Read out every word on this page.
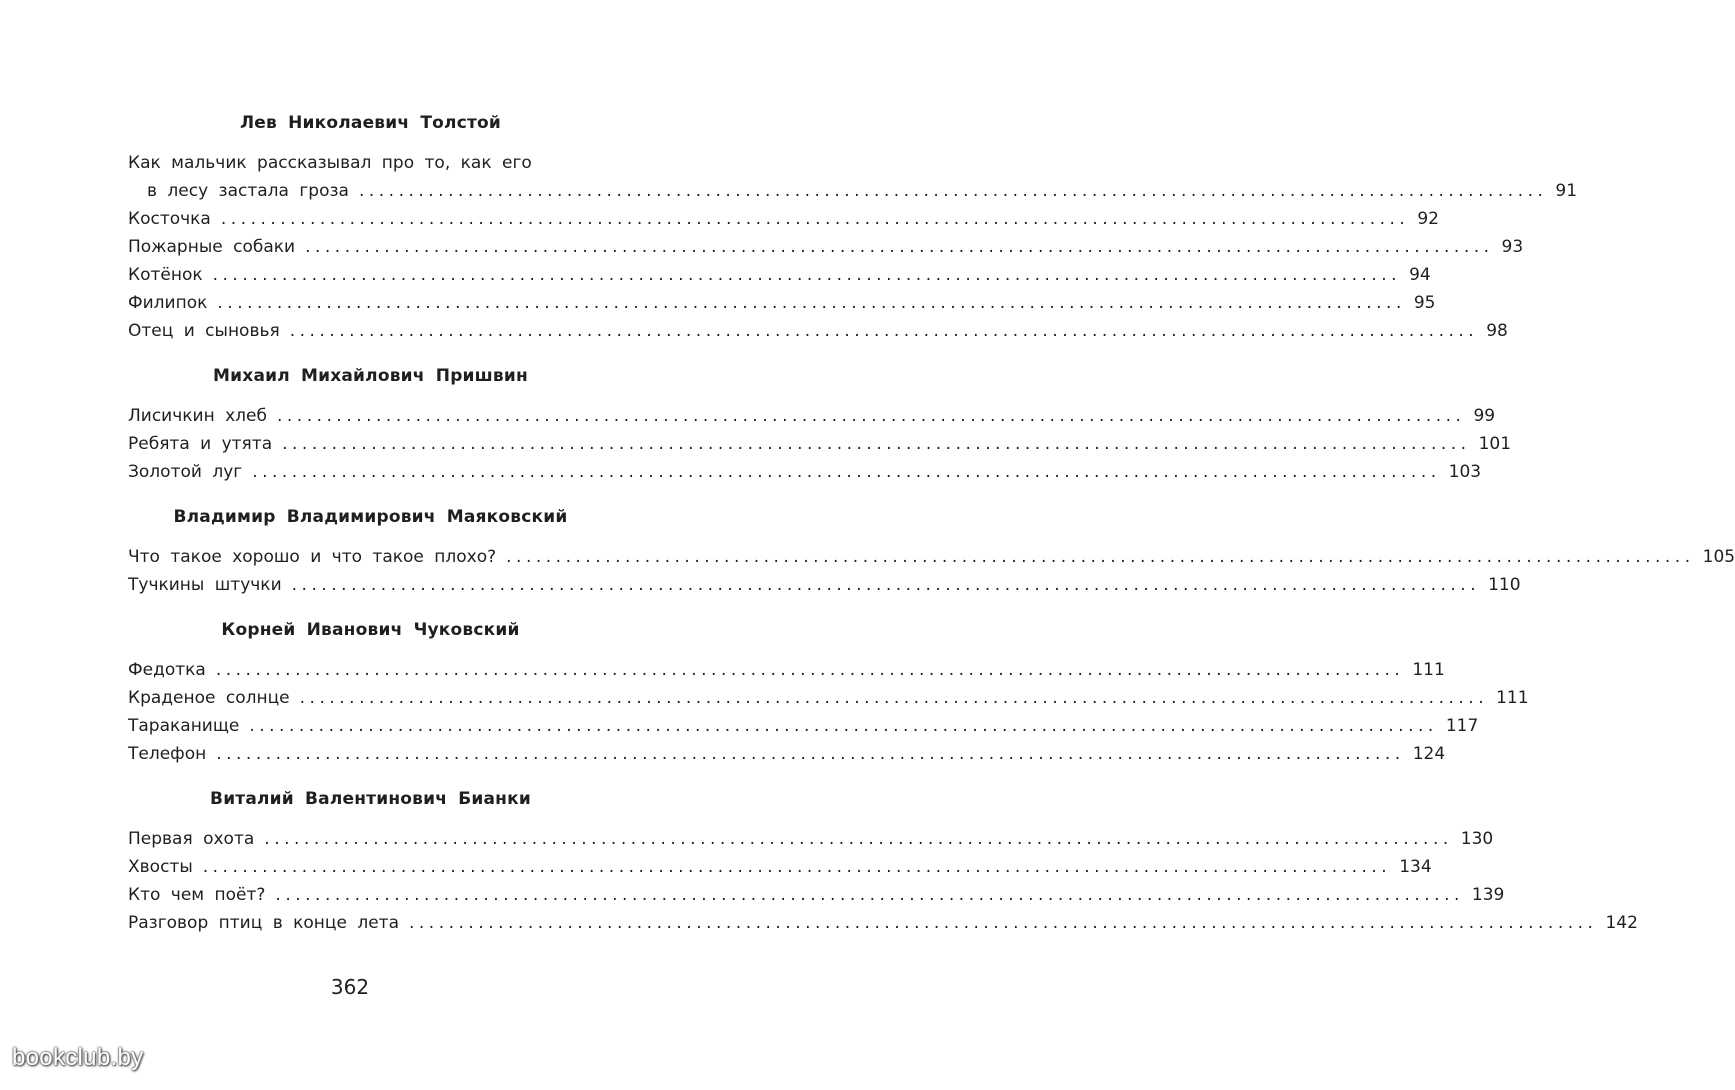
Лев Николаевич Толстой
Как мальчик рассказывал про то, как его
в лесу застала гроза ........................................................................................................................ 91
Косточка ........................................................................................................................ 92
Пожарные собаки ........................................................................................................................ 93
Котёнок ........................................................................................................................ 94
Филипок ........................................................................................................................ 95
Отец и сыновья ........................................................................................................................ 98
Михаил Михайлович Пришвин
Лисичкин хлеб ........................................................................................................................ 99
Ребята и утята ........................................................................................................................ 101
Золотой луг ........................................................................................................................ 103
Владимир Владимирович Маяковский
Что такое хорошо и что такое плохо? ........................................................................................................................ 105
Тучкины штучки ........................................................................................................................ 110
Корней Иванович Чуковский
Федотка ........................................................................................................................ 111
Краденое солнце ........................................................................................................................ 111
Тараканище ........................................................................................................................ 117
Телефон ........................................................................................................................ 124
Виталий Валентинович Бианки
Первая охота ........................................................................................................................ 130
Хвосты ........................................................................................................................ 134
Кто чем поёт? ........................................................................................................................ 139
Разговор птиц в конце лета ........................................................................................................................ 142
362
bookclub.by
